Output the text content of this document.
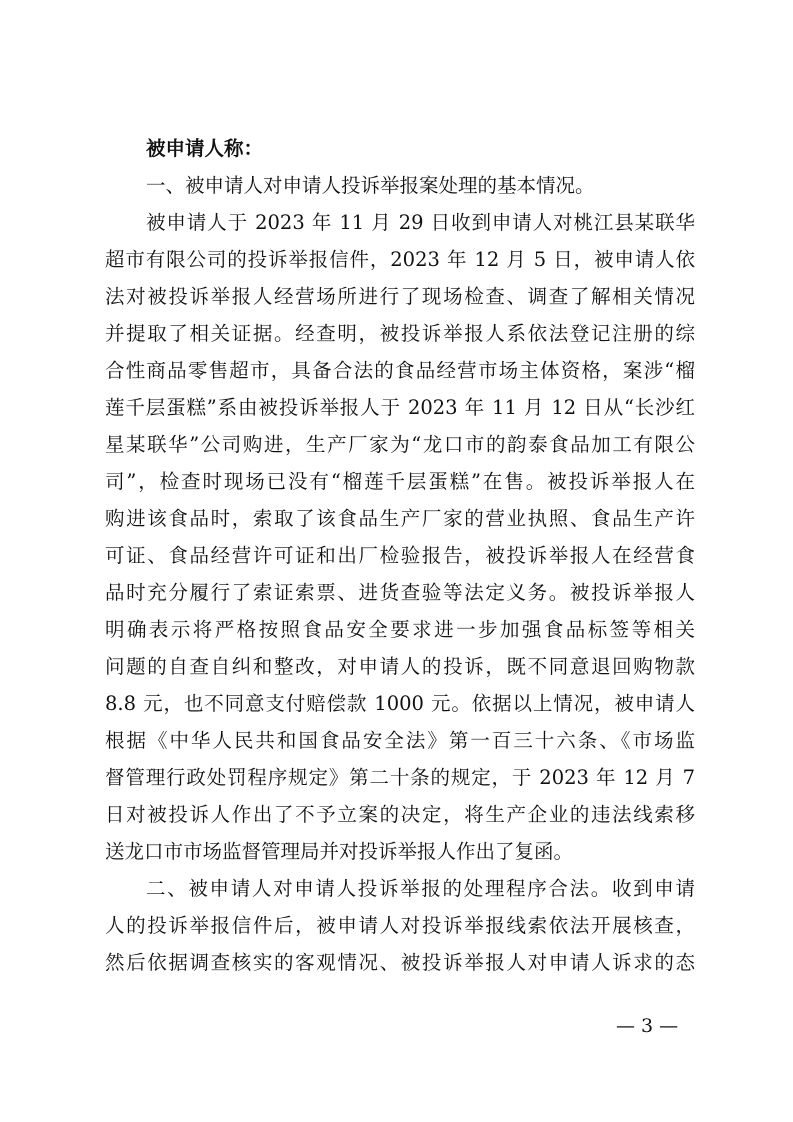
被申请人称：
一、被申请人对申请人投诉举报案处理的基本情况。
被申请人于 2023 年 11 月 29 日收到申请人对桃江县某联华
超市有限公司的投诉举报信件，2023 年 12 月 5 日，被申请人依
法对被投诉举报人经营场所进行了现场检查、调查了解相关情况
并提取了相关证据。经查明，被投诉举报人系依法登记注册的综
合性商品零售超市，具备合法的食品经营市场主体资格，案涉“榴
莲千层蛋糕”系由被投诉举报人于 2023 年 11 月 12 日从“长沙红
星某联华”公司购进，生产厂家为“龙口市的韵泰食品加工有限公
司”，检查时现场已没有“榴莲千层蛋糕”在售。被投诉举报人在
购进该食品时，索取了该食品生产厂家的营业执照、食品生产许
可证、食品经营许可证和出厂检验报告，被投诉举报人在经营食
品时充分履行了索证索票、进货查验等法定义务。被投诉举报人
明确表示将严格按照食品安全要求进一步加强食品标签等相关
问题的自查自纠和整改，对申请人的投诉，既不同意退回购物款
8.8 元，也不同意支付赔偿款 1000 元。依据以上情况，被申请人
根据《中华人民共和国食品安全法》第一百三十六条、《市场监
督管理行政处罚程序规定》第二十条的规定，于 2023 年 12 月 7
日对被投诉人作出了不予立案的决定，将生产企业的违法线索移
送龙口市市场监督管理局并对投诉举报人作出了复函。
二、被申请人对申请人投诉举报的处理程序合法。收到申请
人的投诉举报信件后，被申请人对投诉举报线索依法开展核查，
然后依据调查核实的客观情况、被投诉举报人对申请人诉求的态
— 3 —
